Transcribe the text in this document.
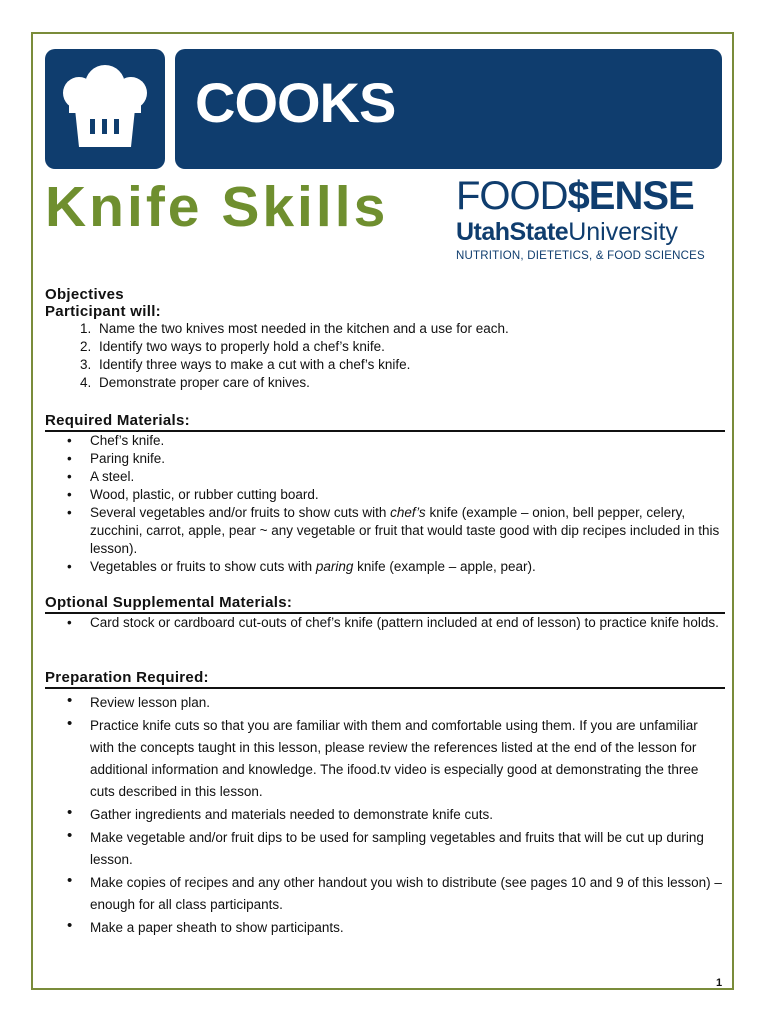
COOKS
Knife Skills FOOD$ENSE
UtahStateUniversity
NUTRITION, DIETETICS, & FOOD SCIENCES

Objectives

Participant will:

1. Name the two knives most needed in the kitchen and a use for each.
2. Identify two ways to properly hold a chef’s knife.
3. Identify three ways to make a cut with a chef’s knife.
4. Demonstrate proper care of knives.

Required Materials:

• Chef’s knife.
• Paring knife.
• A steel.
• Wood, plastic, or rubber cutting board.
• Several vegetables and/or fruits to show cuts with chef’s knife (example – onion, bell pepper, celery, zucchini, carrot, apple, pear ~ any vegetable or fruit that would taste good with dip recipes included in this lesson).
• Vegetables or fruits to show cuts with paring knife (example – apple, pear).

Optional Supplemental Materials:

• Card stock or cardboard cut-outs of chef’s knife (pattern included at end of lesson) to practice knife holds.

Preparation Required:

• Review lesson plan.
• Practice knife cuts so that you are familiar with them and comfortable using them. If you are unfamiliar with the concepts taught in this lesson, please review the references listed at the end of the lesson for additional information and knowledge. The ifood.tv video is especially good at demonstrating the three cuts described in this lesson.
• Gather ingredients and materials needed to demonstrate knife cuts.
• Make vegetable and/or fruit dips to be used for sampling vegetables and fruits that will be cut up during lesson.
• Make copies of recipes and any other handout you wish to distribute (see pages 10 and 9 of this lesson) – enough for all class participants.
• Make a paper sheath to show participants.
1
